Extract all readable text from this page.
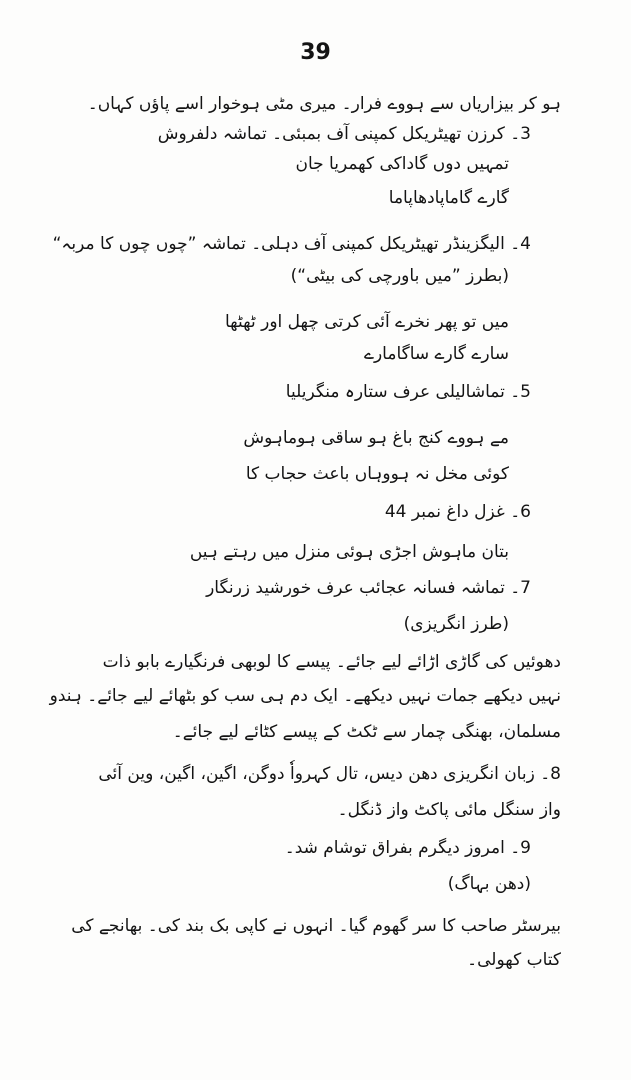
39
ہو کر بیزاریاں سے ہووے فرار۔ میری مٹی ہوخوار اسے پاؤں کہاں۔
3۔ کرزن تھیٹریکل کمپنی آف بمبئی۔ تماشہ دلفروش
تمہیں دوں گاداکی کھمریا جان
گارے گاماپادھاپاما
4۔ الیگزینڈر تھیٹریکل کمپنی آف دہلی۔ تماشہ ”چوں چوں کا مربہ“
(بطرز ”میں باورچی کی بیٹی“)
میں تو پھر نخرے آئی کرتی چھل اور ٹھٹھا
سارے گارے ساگامارے
5۔ تماشالیلی عرف ستارہ منگریلیا
مے ہووے کنج باغ ہو ساقی ہوماہوش
کوئی مخل نہ ہووہاں باعث حجاب کا
6۔ غزل داغ نمبر 44
بتان ماہوش اجڑی ہوئی منزل میں رہتے ہیں
7۔ تماشہ فسانہ عجائب عرف خورشید زرنگار
(طرز انگریزی)
دھوئیں کی گاڑی اڑائے لیے جائے۔ پیسے کا لوبھی فرنگیارے بابو ذات
نہیں دیکھے جمات نہیں دیکھے۔ ایک دم ہی سب کو بٹھائے لیے جائے۔ ہندو
مسلمان، بھنگی چمار سے ٹکٹ کے پیسے کٹائے لیے جائے۔
8۔ زبان انگریزی دھن دیس، تال کہرواٗ دوگن، اگین، اگین، وین آئی
واز سنگل مائی پاکٹ واز ڈنگل۔
9۔ امروز دیگرم بفراق توشام شد۔
(دھن بہاگ)
بیرسٹر صاحب کا سر گھوم گیا۔ انہوں نے کاپی بک بند کی۔ بھانجے کی
کتاب کھولی۔
